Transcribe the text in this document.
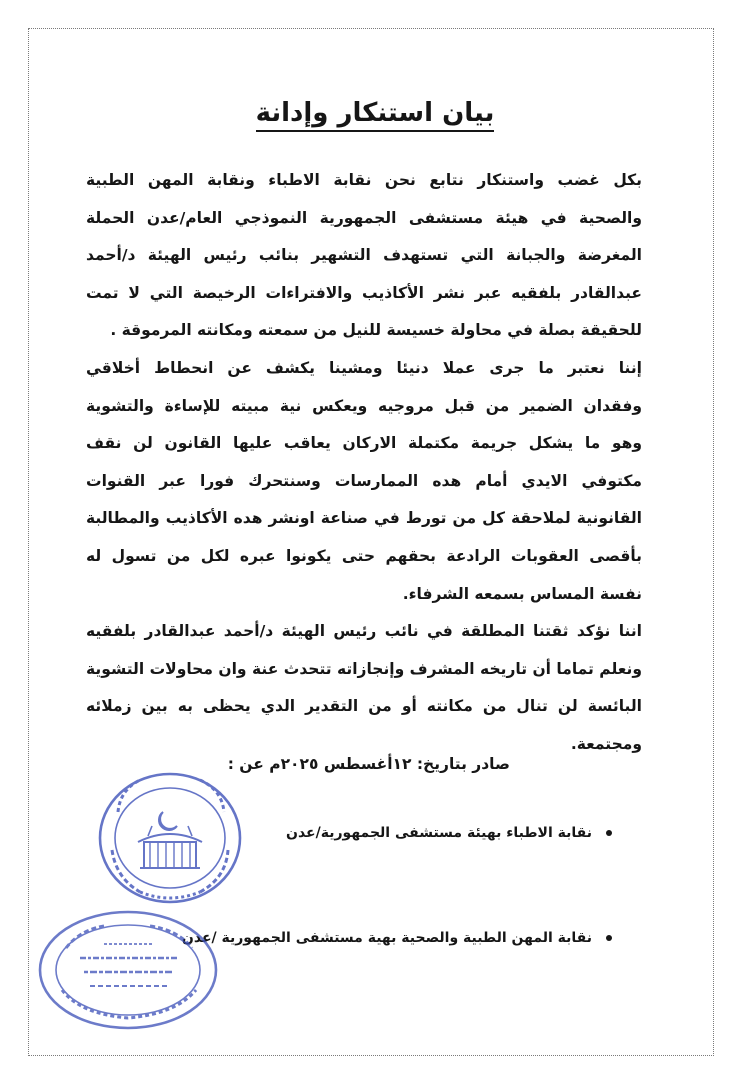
بيان استنكار وإدانة
بكل غضب واستنكار نتابع نحن نقابة الاطباء ونقابة المهن الطبية
والصحية في هيئة مستشفى الجمهورية النموذجي العام/عدن الحملة
المغرضة والجبانة التي تستهدف التشهير بنائب رئيس الهيئة د/أحمد
عبدالقادر بلفقيه عبر نشر الأكاذيب والافتراءات الرخيصة التي لا تمت
للحقيقة بصلة في محاولة خسيسة للنيل من سمعته ومكانته المرموقة .
إننا نعتبر ما جرى عملا دنيئا ومشينا يكشف عن انحطاط أخلاقي
وفقدان الضمير من قبل مروجيه ويعكس نية مبيته للإساءة والتشوية
وهو ما يشكل جريمة مكتملة الاركان يعاقب عليها القانون لن نقف
مكتوفي الايدي أمام هده الممارسات وسنتحرك فورا عبر القنوات
القانونية لملاحقة كل من تورط في صناعة اونشر هده الأكاذيب والمطالبة
بأقصى العقوبات الرادعة بحقهم حتى يكونوا عبره لكل من تسول له
نفسة المساس بسمعه الشرفاء.
اننا نؤكد ثقتنا المطلقة في نائب رئيس الهيئة د/أحمد عبدالقادر بلفقيه
ونعلم تماما أن تاريخه المشرف وإنجازاته تتحدث عنة وان محاولات التشوية
البائسة لن تنال من مكانته أو من التقدير الدي يحظى به بين زملائه
ومجتمعة.
صادر بتاريخ: ١٢أغسطس ٢٠٢٥م عن :
نقابة الاطباء بهيئة مستشفى الجمهورية/عدن
نقابة المهن الطبية والصحية بهية مستشفى الجمهورية /عدن
